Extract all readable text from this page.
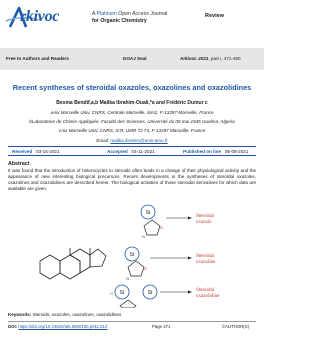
rkivoc	A Platinum Open Access Journal
for Organic Chemistry
Review
Free to Authors and Readers	DOAJ Seal	Arkivoc 2021, part i, 471-490
Recent syntheses of steroidal oxazoles, oxazolines and oxazolidines
Besma Bendif,a,b Malika Ibrahim-Ouali,*a and Frédéric Dumur c
aAix Marseille Univ, CNRS, Centrale Marseille, iSm2, F-13397 Marseille, France
bLaboratoire de Chimie Appliquée, Faculté des Sciences, Université du 08 mai 1945 Guelma, Algeria
cAix Marseille Univ, CNRS, ICR, UMR 72 73, F-13397 Marseille, France
Email: malika.ibrahim@univ-amu.fr
Received 03-15-2021	Accepted 04-11-2021	Published on line 05-08-2021
Abstract
It was found that the introduction of heterocycles to steroids often leads in a change of their physiological activity and the appearance of new interesting biological precursors. Recent developments in the syntheses of steroidal oxazoles, oxazolines and oxazolidines are described herein. The biological activities of those steroidal derivatives for which data are available are given.
St
St
St	St
O
N
O
N
O
Steroidal oxazole
Steroidal oxazoline
Steroidal oxazolidine
Keywords: Steroids, oxazoles, oxazolines, oxazolidines
DOI: https://doi.org/10.24820/ark.5550190.p011.512	Page 471	©AUTHOR(S)
